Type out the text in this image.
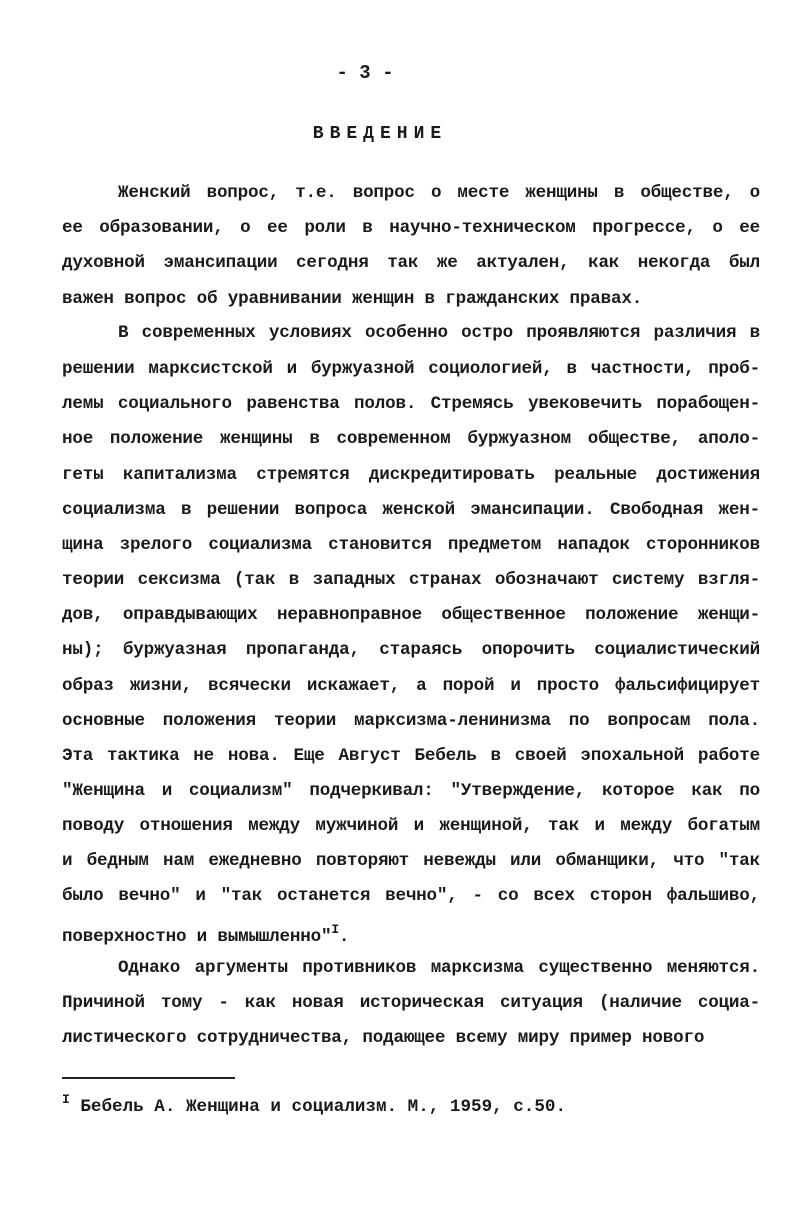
- 3 -
ВВЕДЕНИЕ
Женский вопрос, т.е. вопрос о месте женщины в обществе, о
ее образовании, о ее роли в научно-техническом прогрессе, о ее
духовной эмансипации сегодня так же актуален, как некогда был
важен вопрос об уравнивании женщин в гражданских правах.
В современных условиях особенно остро проявляются различия в
решении марксистской и буржуазной социологией, в частности, проб-
лемы социального равенства полов. Стремясь увековечить порабощен-
ное положение женщины в современном буржуазном обществе, аполо-
геты капитализма стремятся дискредитировать реальные достижения
социализма в решении вопроса женской эмансипации. Свободная жен-
щина зрелого социализма становится предметом нападок сторонников
теории сексизма (так в западных странах обозначают систему взгля-
дов, оправдывающих неравноправное общественное положение женщи-
ны); буржуазная пропаганда, стараясь опорочить социалистический
образ жизни, всячески искажает, а порой и просто фальсифицирует
основные положения теории марксизма-ленинизма по вопросам пола.
Эта тактика не нова. Еще Август Бебель в своей эпохальной работе
"Женщина и социализм" подчеркивал: "Утверждение, которое как по
поводу отношения между мужчиной и женщиной, так и между богатым
и бедным нам ежедневно повторяют невежды или обманщики, что "так
было вечно" и "так останется вечно", - со всех сторон фальшиво,
поверхностно и вымышленно"$^I$.
Однако аргументы противников марксизма существенно меняются.
Причиной тому - как новая историческая ситуация (наличие социа-
листического сотрудничества, подающее всему миру пример нового
$^I$ Бебель А. Женщина и социализм. М., 1959, с.50.
